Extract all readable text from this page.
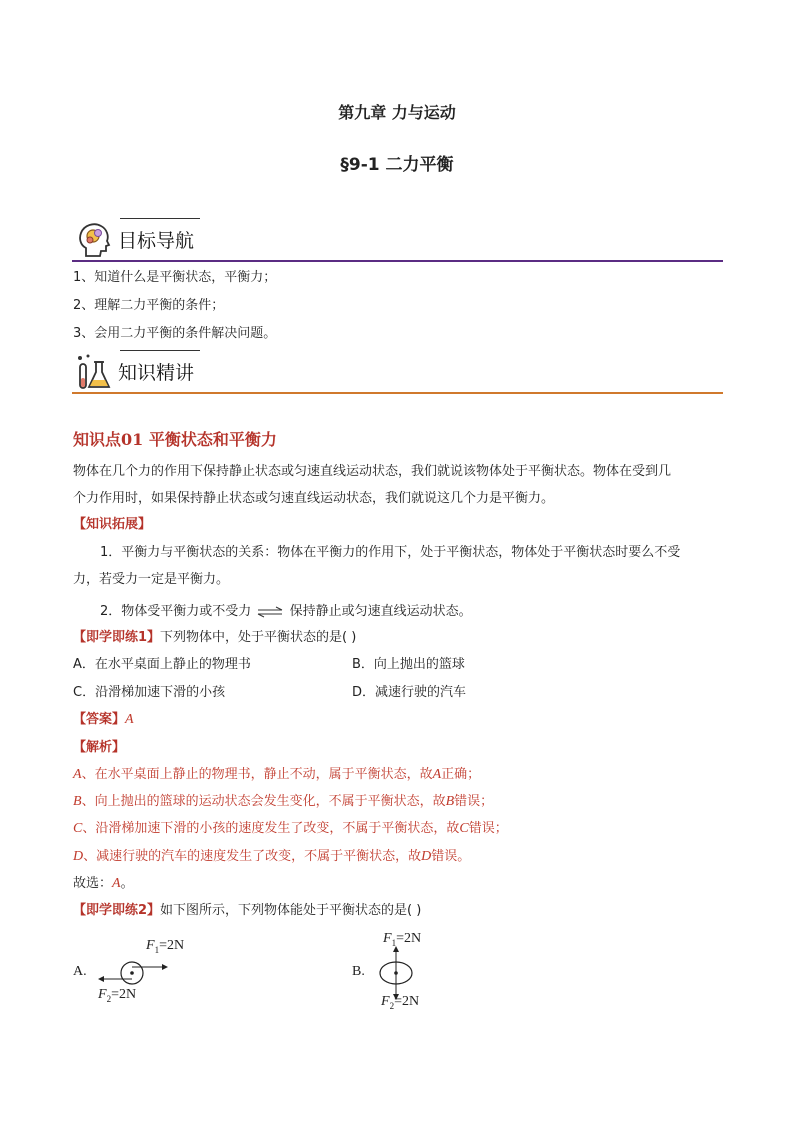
第九章 力与运动
§9-1 二力平衡
目标导航
1、知道什么是平衡状态，平衡力；
2、理解二力平衡的条件；
3、会用二力平衡的条件解决问题。
知识精讲
知识点01 平衡状态和平衡力
物体在几个力的作用下保持静止状态或匀速直线运动状态，我们就说该物体处于平衡状态。物体在受到几
个力作用时，如果保持静止状态或匀速直线运动状态，我们就说这几个力是平衡力。
【知识拓展】
1．平衡力与平衡状态的关系：物体在平衡力的作用下，处于平衡状态，物体处于平衡状态时要么不受
力，若受力一定是平衡力。
2．物体受平衡力或不受力 ⇌ 保持静止或匀速直线运动状态。
【即学即练1】下列物体中，处于平衡状态的是( )
A．在水平桌面上静止的物理书	B．向上抛出的篮球
C．沿滑梯加速下滑的小孩	D．减速行驶的汽车
【答案】A
【解析】
A、在水平桌面上静止的物理书，静止不动，属于平衡状态，故A正确；
B、向上抛出的篮球的运动状态会发生变化，不属于平衡状态，故B错误；
C、沿滑梯加速下滑的小孩的速度发生了改变，不属于平衡状态，故C错误；
D、减速行驶的汽车的速度发生了改变，不属于平衡状态，故D错误。
故选：A。
【即学即练2】如下图所示，下列物体能处于平衡状态的是( )
A.
$F_1=2N$
$F_2=2N$
B.
$F_1=2N$
$F_2=2N$
